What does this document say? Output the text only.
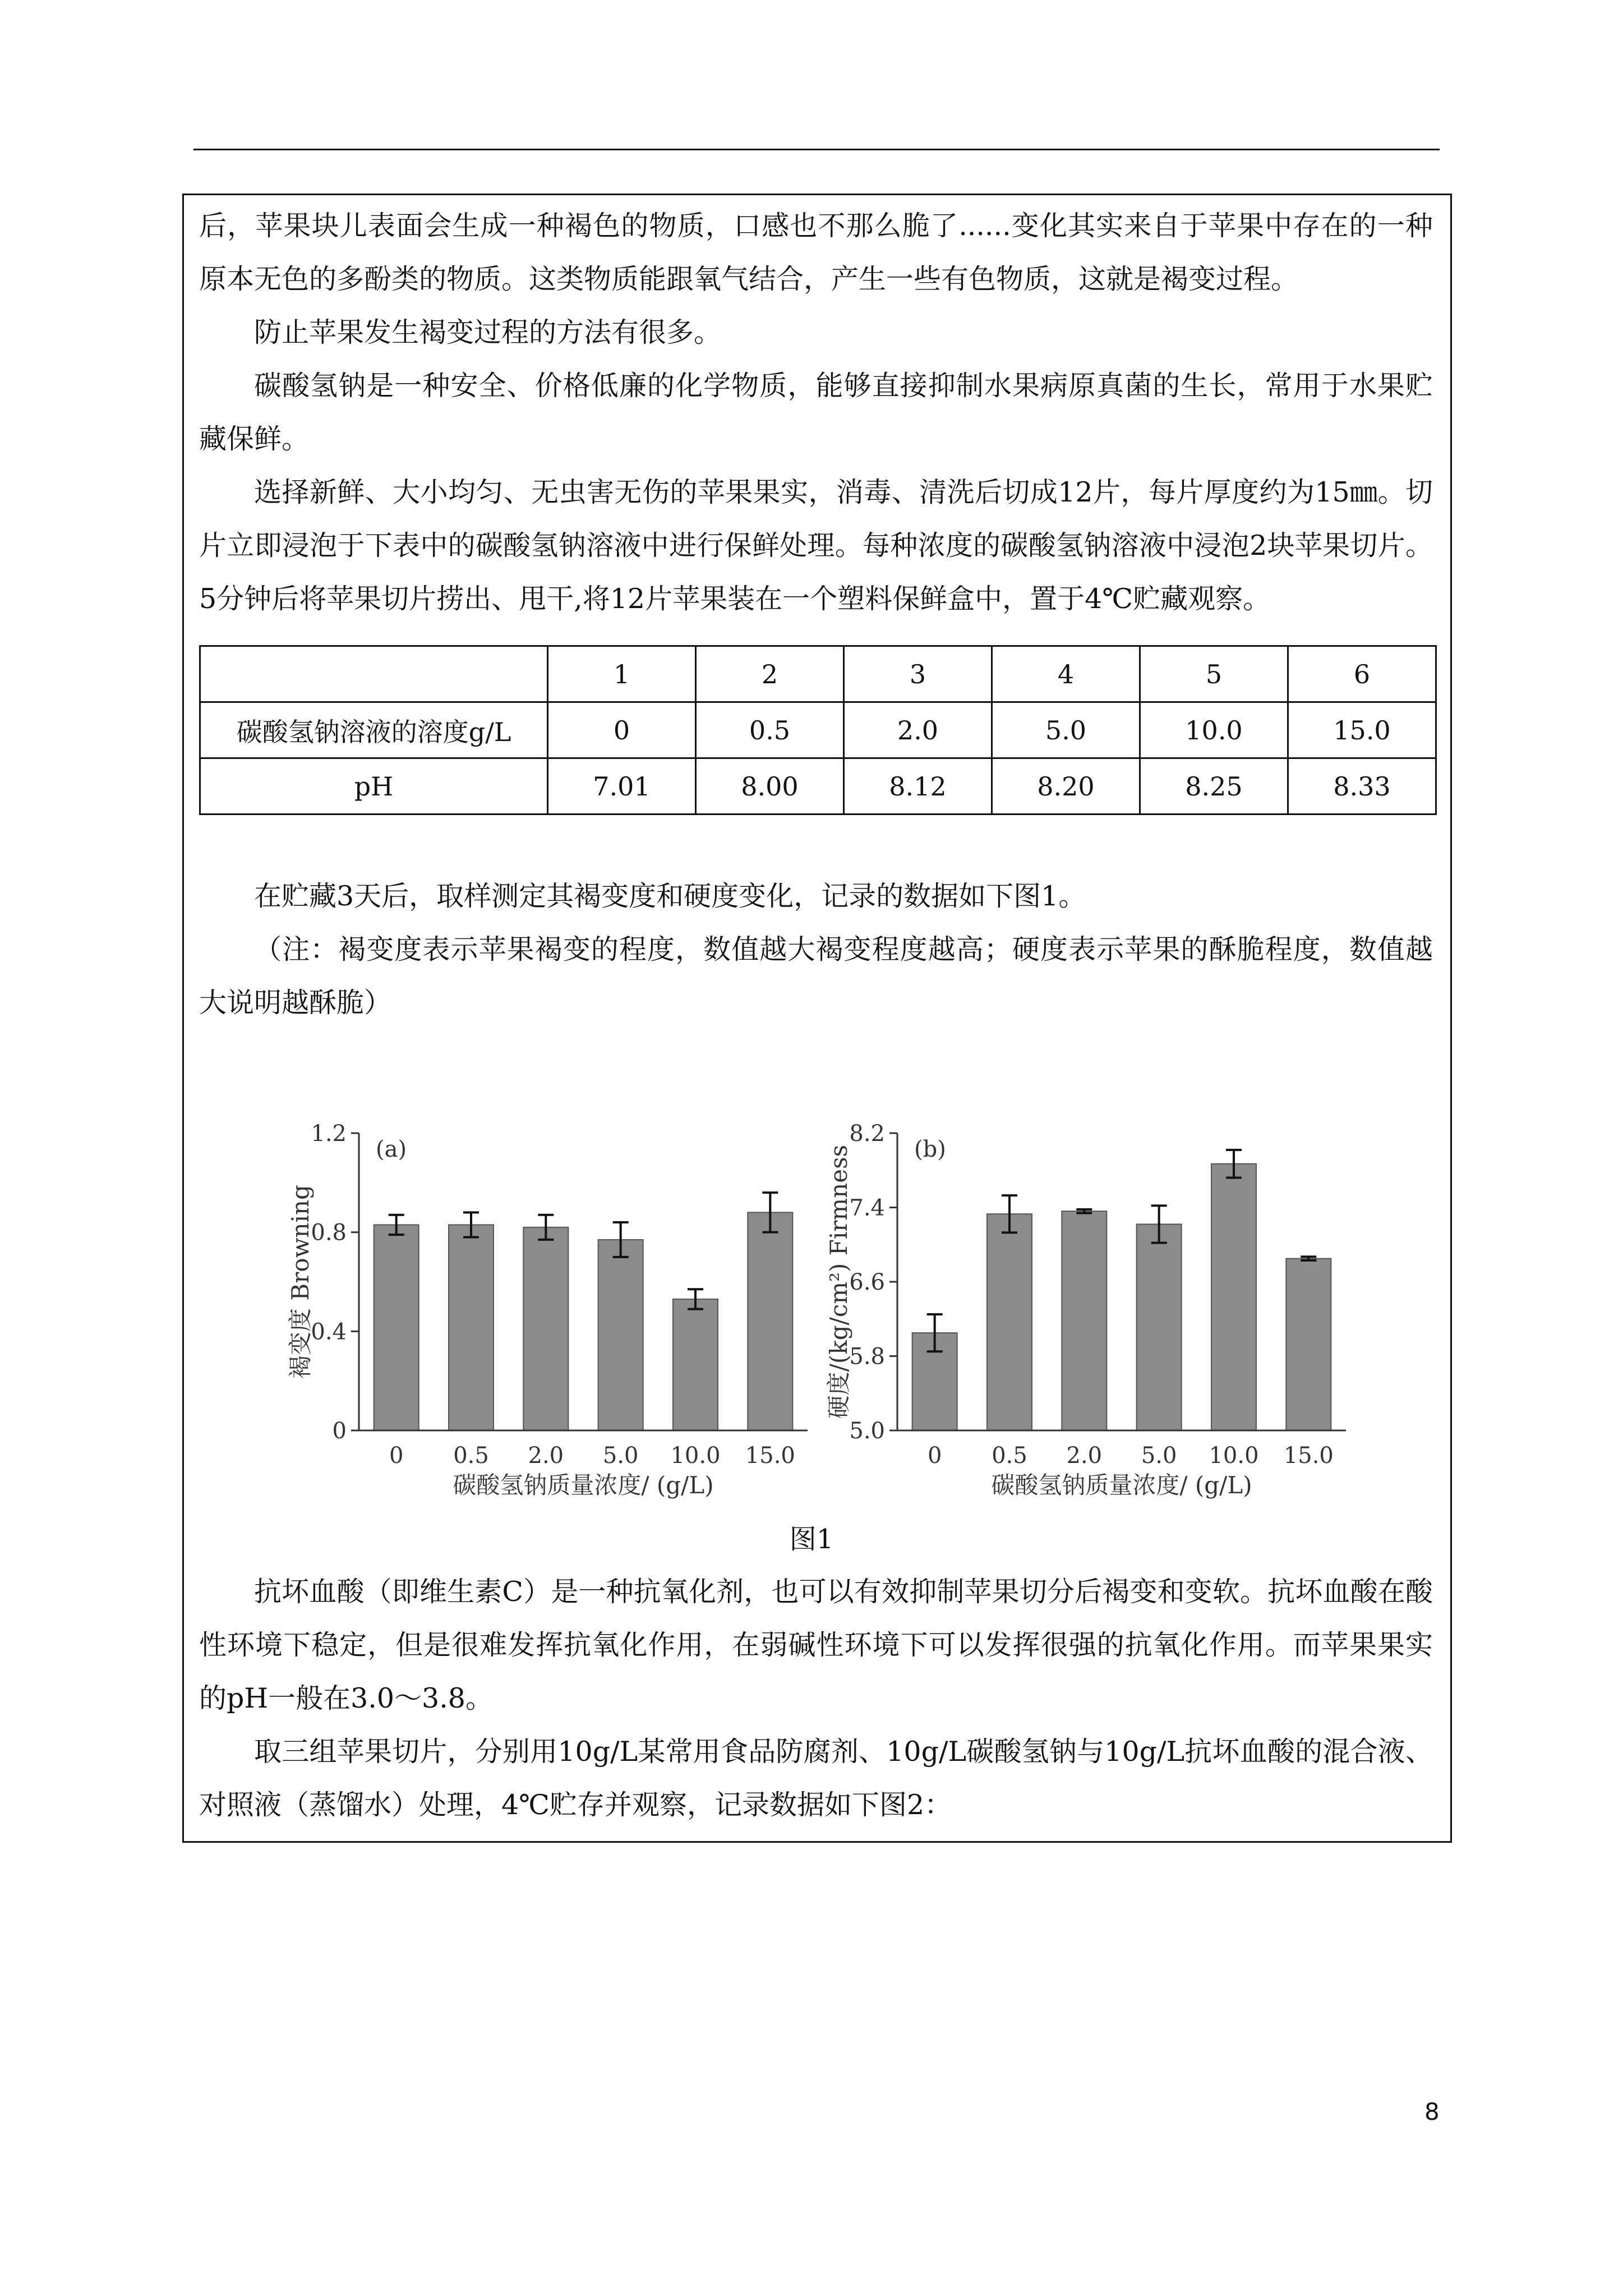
后，苹果块儿表面会生成一种褐色的物质，口感也不那么脆了......变化其实来自于苹果中存在的一种原本无色的多酚类的物质。这类物质能跟氧气结合，产生一些有色物质，这就是褐变过程。

防止苹果发生褐变过程的方法有很多。

碳酸氢钠是一种安全、价格低廉的化学物质，能够直接抑制水果病原真菌的生长，常用于水果贮藏保鲜。

选择新鲜、大小均匀、无虫害无伤的苹果果实，消毒、清洗后切成12片，每片厚度约为15㎜。切片立即浸泡于下表中的碳酸氢钠溶液中进行保鲜处理。每种浓度的碳酸氢钠溶液中浸泡2块苹果切片。5分钟后将苹果切片捞出、甩干,将12片苹果装在一个塑料保鲜盒中，置于4℃贮藏观察。

	1	2	3	4	5	6
碳酸氢钠溶液的溶度g/L	0	0.5	2.0	5.0	10.0	15.0
pH	7.01	8.00	8.12	8.20	8.25	8.33

在贮藏3天后，取样测定其褐变度和硬度变化，记录的数据如下图1。

（注：褐变度表示苹果褐变的程度，数值越大褐变程度越高；硬度表示苹果的酥脆程度，数值越大说明越酥脆）

0 0.5 2.0 5.0 10.0 15.0
0
0.4
0.8
1.2
(a)
碳酸氢钠质量浓度/ (g/L)
褐变度 Browning
0 0.5 2.0 5.0 10.0 15.0
5.0
5.8
6.6
7.4
8.2
(b)
碳酸氢钠质量浓度/ (g/L)
硬度/(kg/cm²) Firmness

图1

抗坏血酸（即维生素C）是一种抗氧化剂，也可以有效抑制苹果切分后褐变和变软。抗坏血酸在酸性环境下稳定，但是很难发挥抗氧化作用，在弱碱性环境下可以发挥很强的抗氧化作用。而苹果果实的pH一般在3.0～3.8。

取三组苹果切片，分别用10g/L某常用食品防腐剂、10g/L碳酸氢钠与10g/L抗坏血酸的混合液、对照液（蒸馏水）处理，4℃贮存并观察，记录数据如下图2：

8
